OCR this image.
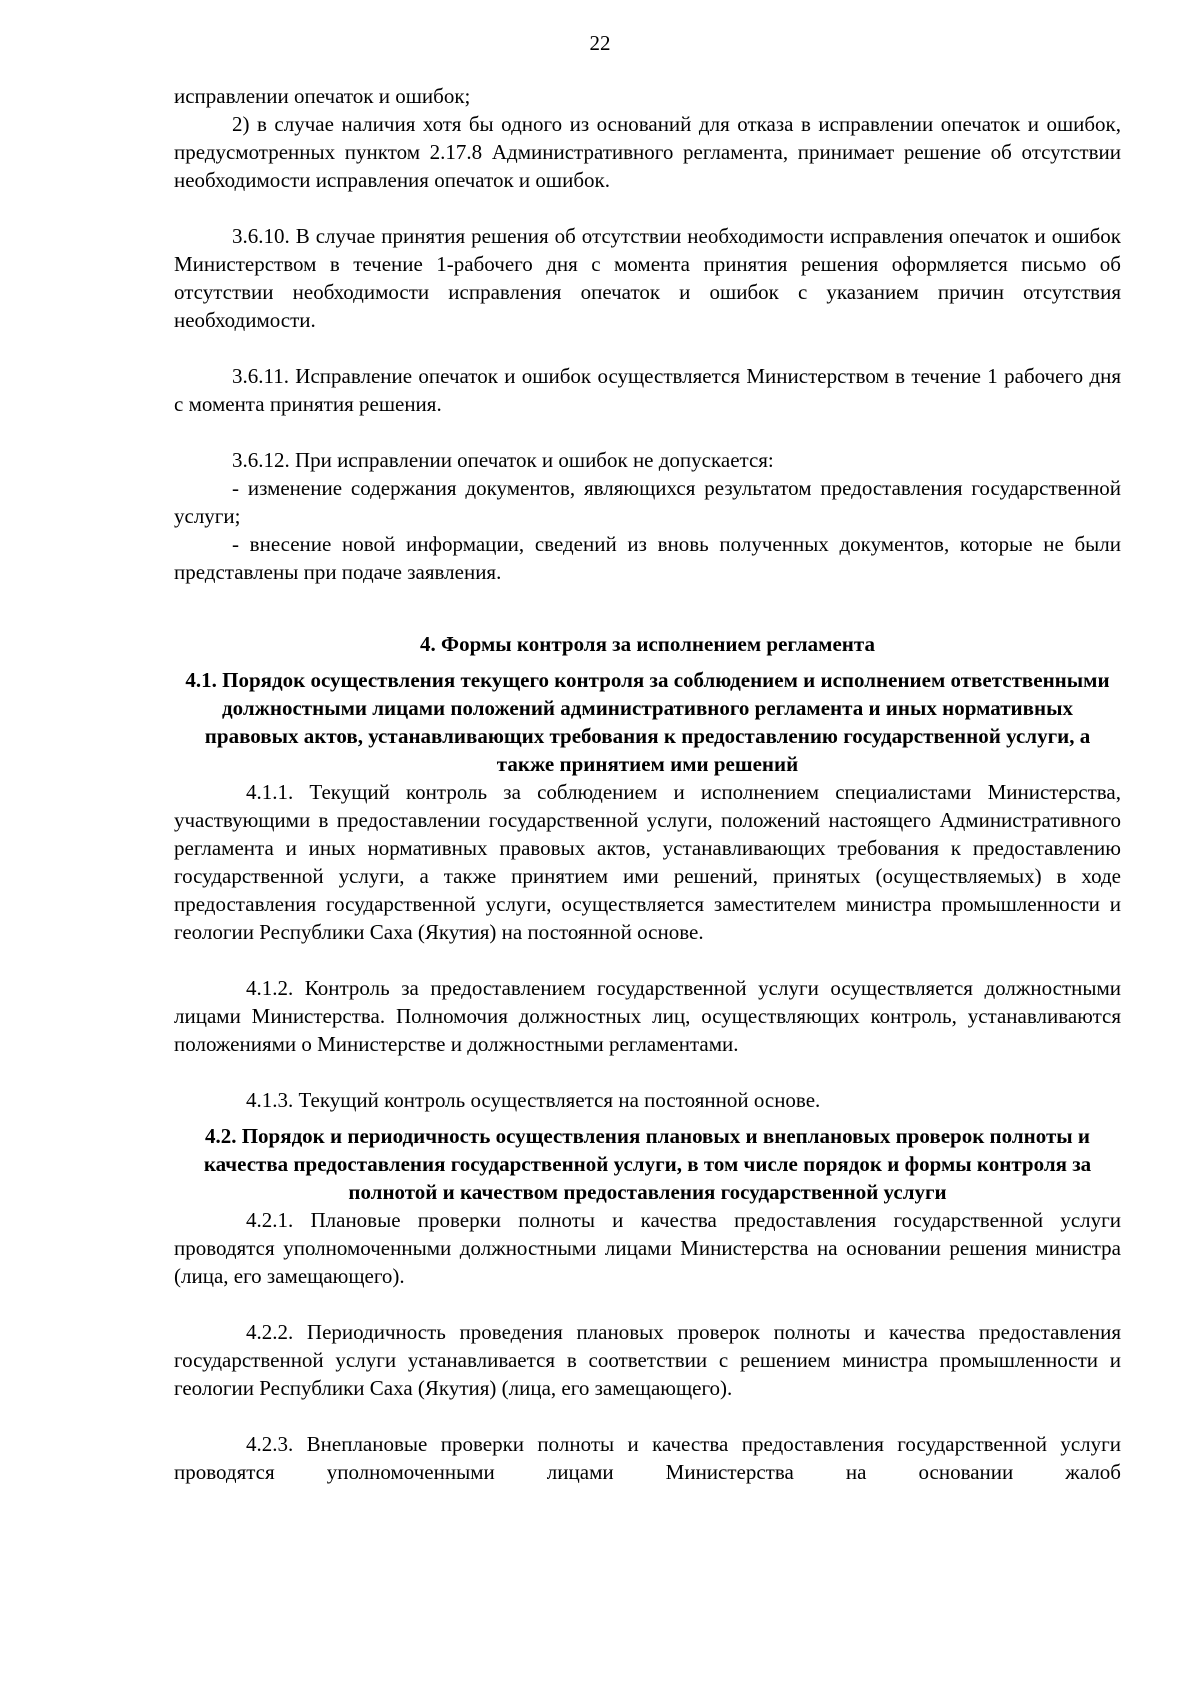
22

исправлении опечаток и ошибок;

2) в случае наличия хотя бы одного из оснований для отказа в исправлении опечаток и ошибок, предусмотренных пунктом 2.17.8 Административного регламента, принимает решение об отсутствии необходимости исправления опечаток и ошибок.

3.6.10. В случае принятия решения об отсутствии необходимости исправления опечаток и ошибок Министерством в течение 1-рабочего дня с момента принятия решения оформляется письмо об отсутствии необходимости исправления опечаток и ошибок с указанием причин отсутствия необходимости.

3.6.11. Исправление опечаток и ошибок осуществляется Министерством в течение 1 рабочего дня с момента принятия решения.

3.6.12. При исправлении опечаток и ошибок не допускается:

- изменение содержания документов, являющихся результатом предоставления государственной услуги;

- внесение новой информации, сведений из вновь полученных документов, которые не были представлены при подаче заявления.

4. Формы контроля за исполнением регламента

4.1. Порядок осуществления текущего контроля за соблюдением и исполнением ответственными должностными лицами положений административного регламента и иных нормативных правовых актов, устанавливающих требования к предоставлению государственной услуги, а также принятием ими решений

4.1.1. Текущий контроль за соблюдением и исполнением специалистами Министерства, участвующими в предоставлении государственной услуги, положений настоящего Административного регламента и иных нормативных правовых актов, устанавливающих требования к предоставлению государственной услуги, а также принятием ими решений, принятых (осуществляемых) в ходе предоставления государственной услуги, осуществляется заместителем министра промышленности и геологии Республики Саха (Якутия) на постоянной основе.

4.1.2. Контроль за предоставлением государственной услуги осуществляется должностными лицами Министерства. Полномочия должностных лиц, осуществляющих контроль, устанавливаются положениями о Министерстве и должностными регламентами.

4.1.3. Текущий контроль осуществляется на постоянной основе.

4.2. Порядок и периодичность осуществления плановых и внеплановых проверок полноты и качества предоставления государственной услуги, в том числе порядок и формы контроля за полнотой и качеством предоставления государственной услуги

4.2.1. Плановые проверки полноты и качества предоставления государственной услуги проводятся уполномоченными должностными лицами Министерства на основании решения министра (лица, его замещающего).

4.2.2. Периодичность проведения плановых проверок полноты и качества предоставления государственной услуги устанавливается в соответствии с решением министра промышленности и геологии Республики Саха (Якутия) (лица, его замещающего).

4.2.3. Внеплановые проверки полноты и качества предоставления государственной услуги проводятся уполномоченными лицами Министерства на основании жалоб
